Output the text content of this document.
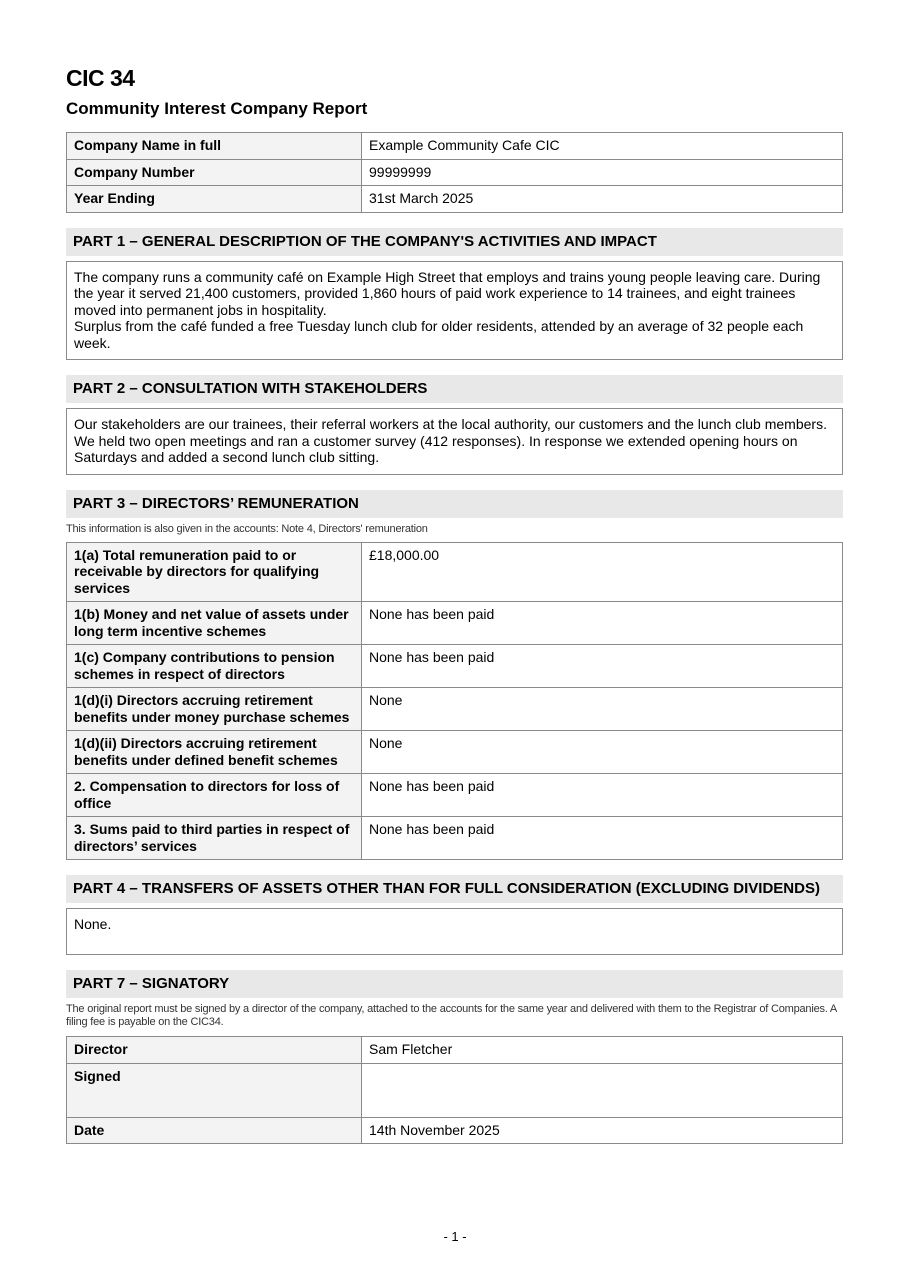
CIC 34
Community Interest Company Report
Company Name in full	Example Community Cafe CIC
Company Number	99999999
Year Ending	31st March 2025
PART 1 – GENERAL DESCRIPTION OF THE COMPANY'S ACTIVITIES AND IMPACT

The company runs a community café on Example High Street that employs and trains young people leaving care. During the year it served 21,400 customers, provided 1,860 hours of paid work experience to 14 trainees, and eight trainees moved into permanent jobs in hospitality.

Surplus from the café funded a free Tuesday lunch club for older residents, attended by an average of 32 people each week.

PART 2 – CONSULTATION WITH STAKEHOLDERS
Our stakeholders are our trainees, their referral workers at the local authority, our customers and the lunch club members. We held two open meetings and ran a customer survey (412 responses). In response we extended opening hours on Saturdays and added a second lunch club sitting.
PART 3 – DIRECTORS’ REMUNERATION
This information is also given in the accounts: Note 4, Directors' remuneration
1(a) Total remuneration paid to or receivable by directors for qualifying services	£18,000.00
1(b) Money and net value of assets under long term incentive schemes	None has been paid
1(c) Company contributions to pension schemes in respect of directors	None has been paid
1(d)(i) Directors accruing retirement benefits under money purchase schemes	None
1(d)(ii) Directors accruing retirement benefits under defined benefit schemes	None
2. Compensation to directors for loss of office	None has been paid
3. Sums paid to third parties in respect of directors’ services	None has been paid
PART 4 – TRANSFERS OF ASSETS OTHER THAN FOR FULL CONSIDERATION (EXCLUDING DIVIDENDS)
None.
PART 7 – SIGNATORY
The original report must be signed by a director of the company, attached to the accounts for the same year and delivered with them to the Registrar of Companies. A filing fee is payable on the CIC34.
Director	Sam Fletcher
Signed	
Date	14th November 2025
- 1 -
